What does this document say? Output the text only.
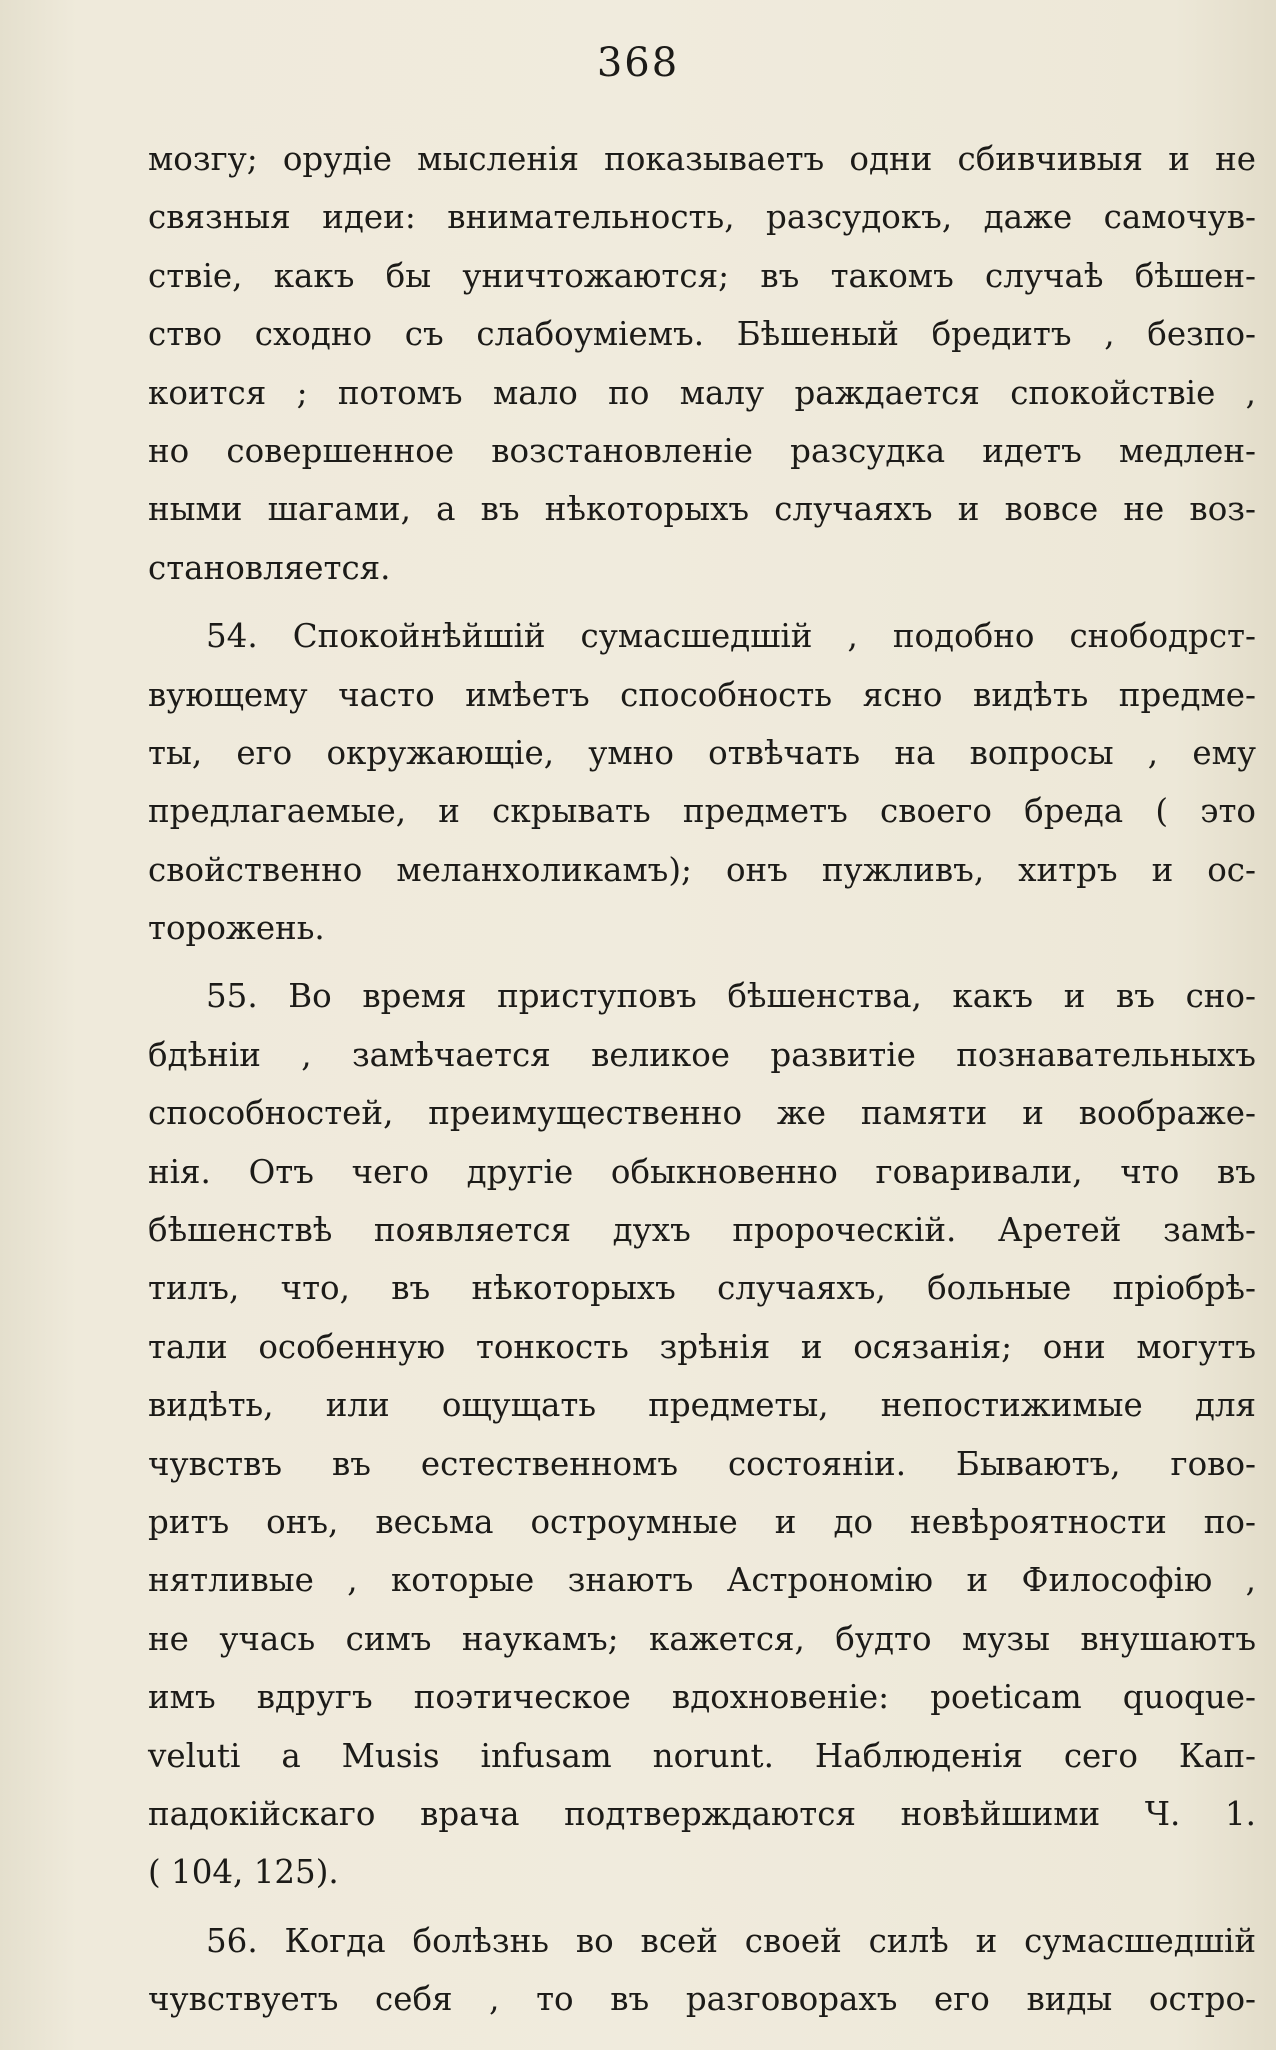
368
мозгу; орудіе мысленія показываетъ одни сбивчивыя и не
связныя идеи: внимательность, разсудокъ, даже самочув-
ствіе, какъ бы уничтожаются; въ такомъ случаѣ бѣшен-
ство сходно съ слабоуміемъ. Бѣшеный бредитъ , безпо-
коится ; потомъ мало по малу раждается спокойствіе ,
но совершенное возстановленіе разсудка идетъ медлен-
ными шагами, а въ нѣкоторыхъ случаяхъ и вовсе не воз-
становляется.
54. Спокойнѣйшій сумасшедшій , подобно снободрст-
вующему часто имѣетъ способность ясно видѣть предме-
ты, его окружающіе, умно отвѣчать на вопросы , ему
предлагаемые, и скрывать предметъ своего бреда ( это
свойственно меланхоликамъ); онъ пужливъ, хитръ и ос-
торожень.
55. Во время приступовъ бѣшенства, какъ и въ сно-
бдѣніи , замѣчается великое развитіе познавательныхъ
способностей, преимущественно же памяти и воображе-
нія. Отъ чего другіе обыкновенно говаривали, что въ
бѣшенствѣ появляется духъ пророческій. Аретей замѣ-
тилъ, что, въ нѣкоторыхъ случаяхъ, больные пріобрѣ-
тали особенную тонкость зрѣнія и осязанія; они могутъ
видѣть, или ощущать предметы, непостижимые для
чувствъ въ естественномъ состояніи. Бываютъ, гово-
ритъ онъ, весьма остроумные и до невѣроятности по-
нятливые , которые знаютъ Астрономію и Философію ,
не учась симъ наукамъ; кажется, будто музы внушаютъ
имъ вдругъ поэтическое вдохновеніе: poeticam quoque-
veluti a Musis infusam norunt. Наблюденія сего Кап-
падокійскаго врача подтверждаются новѣйшими Ч. 1.
( 104, 125).
56. Когда болѣзнь во всей своей силѣ и сумасшедшій
чувствуетъ себя , то въ разговорахъ его виды остро-
